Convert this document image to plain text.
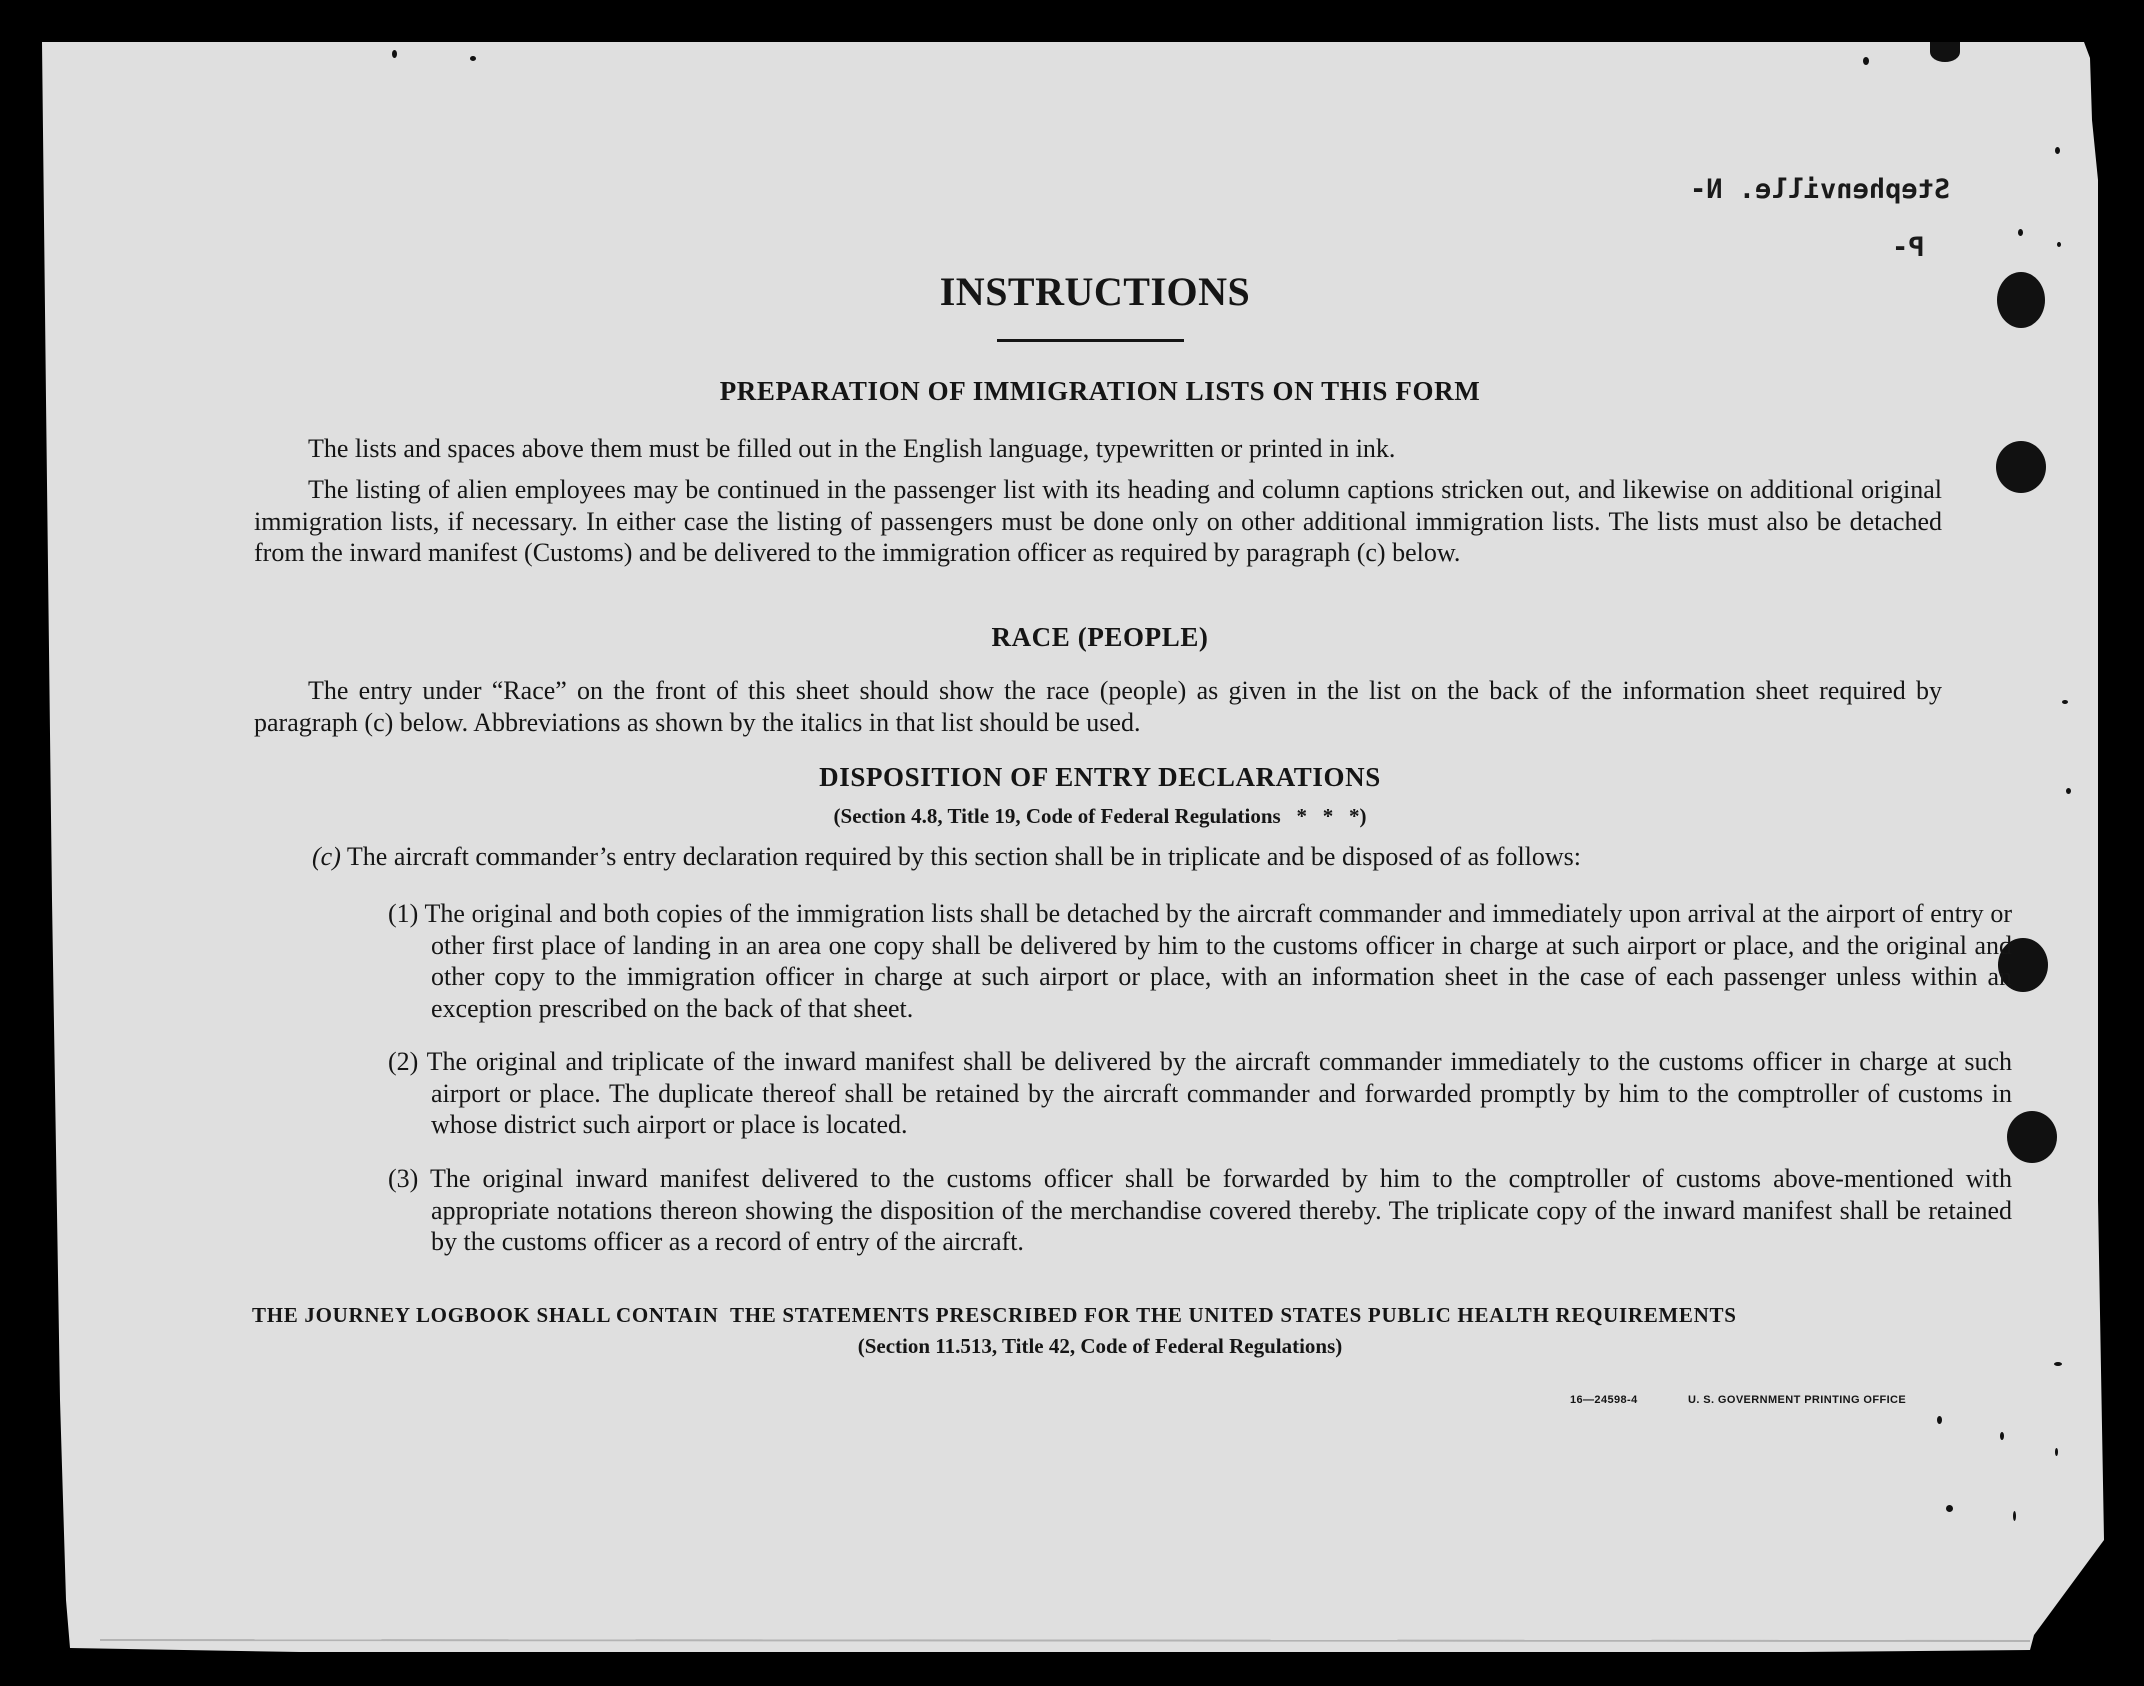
Stephenville. N-
P-
INSTRUCTIONS
PREPARATION OF IMMIGRATION LISTS ON THIS FORM

The lists and spaces above them must be filled out in the English language, typewritten or printed in ink.

The listing of alien employees may be continued in the passenger list with its heading and column captions stricken out, and likewise on additional original immigration lists, if necessary. In either case the listing of passengers must be done only on other additional immigration lists. The lists must also be detached from the inward manifest (Customs) and be delivered to the immigration officer as required by paragraph (c) below.

RACE (PEOPLE)

The entry under “Race” on the front of this sheet should show the race (people) as given in the list on the back of the information sheet required by paragraph (c) below. Abbreviations as shown by the italics in that list should be used.

DISPOSITION OF ENTRY DECLARATIONS

(Section 4.8, Title 19, Code of Federal Regulations   *   *   *)

(c) The aircraft commander’s entry declaration required by this section shall be in triplicate and be disposed of as follows:
(1) The original and both copies of the immigration lists shall be detached by the aircraft commander and immediately upon arrival at the airport of entry or other first place of landing in an area one copy shall be delivered by him to the customs officer in charge at such airport or place, and the original and other copy to the immigration officer in charge at such airport or place, with an information sheet in the case of each passenger unless within an exception prescribed on the back of that sheet.
(2) The original and triplicate of the inward manifest shall be delivered by the aircraft commander immediately to the customs officer in charge at such airport or place. The duplicate thereof shall be retained by the aircraft commander and forwarded promptly by him to the comptroller of customs in whose district such airport or place is located.
(3) The original inward manifest delivered to the customs officer shall be forwarded by him to the comptroller of customs above-mentioned with appropriate notations thereon showing the disposition of the merchandise covered thereby. The triplicate copy of the inward manifest shall be retained by the customs officer as a record of entry of the aircraft.

THE JOURNEY LOGBOOK SHALL CONTAIN  THE STATEMENTS PRESCRIBED FOR THE UNITED STATES PUBLIC HEALTH REQUIREMENTS

(Section 11.513, Title 42, Code of Federal Regulations)

16—24598-4	U. S. GOVERNMENT PRINTING OFFICE
